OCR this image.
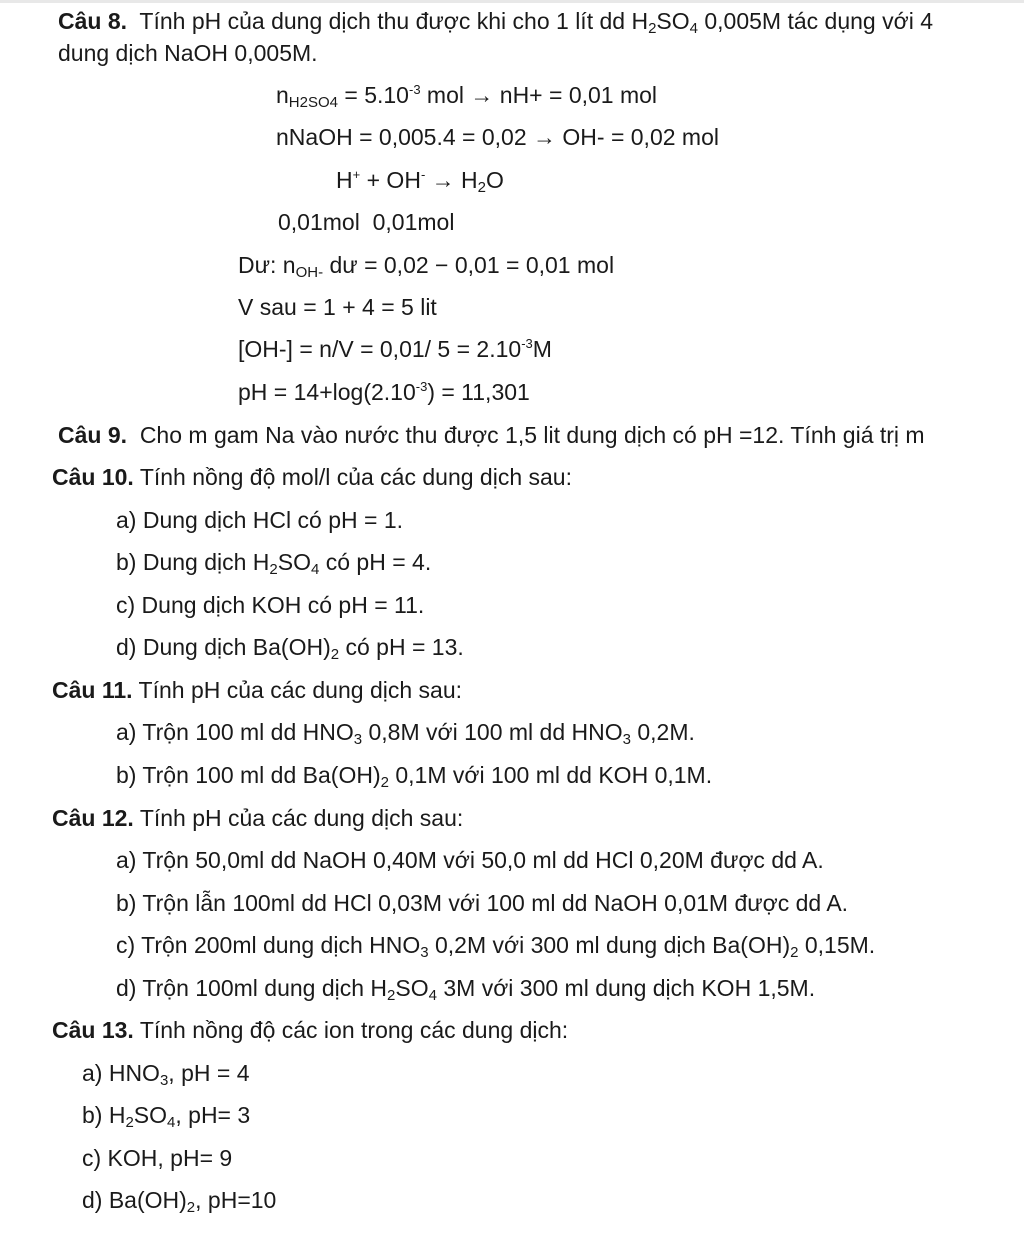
Câu 8. Tính pH của dung dịch thu được khi cho 1 lít dd $H_2SO_4$ 0,005M tác dụng với 4
dung dịch NaOH 0,005M.
$n_{H2SO4} = 5.10^{-3}$ mol → nH+ = 0,01 mol
nNaOH = 0,005.4 = 0,02 → OH- = 0,02 mol
$H^+ + OH^- \to H_2O$
0,01mol  0,01mol
Dư: $n_{OH-}$ dư = 0,02 − 0,01 = 0,01 mol
V sau = 1 + 4 = 5 lit
[OH-] = n/V = 0,01/ $5 = 2.10^{-3}M$
pH = $14+\log(2.10^{-3}) = 11,301$
Câu 9. Cho m gam Na vào nước thu được 1,5 lit dung dịch có pH =12. Tính giá trị m
Câu 10. Tính nồng độ mol/l của các dung dịch sau:
a) Dung dịch HCl có pH = 1.
b) Dung dịch $H_2SO_4$ có pH = 4.
c) Dung dịch KOH có pH = 11.
d) Dung dịch $Ba(OH)_2$ có pH = 13.
Câu 11. Tính pH của các dung dịch sau:
a) Trộn 100 ml dd $HNO_3$ 0,8M với 100 ml dd $HNO_3$ 0,2M.
b) Trộn 100 ml dd $Ba(OH)_2$ 0,1M với 100 ml dd KOH 0,1M.
Câu 12. Tính pH của các dung dịch sau:
a) Trộn 50,0ml dd NaOH 0,40M với 50,0 ml dd HCl 0,20M được dd A.
b) Trộn lẫn 100ml dd HCl 0,03M với 100 ml dd NaOH 0,01M được dd A.
c) Trộn 200ml dung dịch $HNO_3$ 0,2M với 300 ml dung dịch $Ba(OH)_2$ 0,15M.
d) Trộn 100ml dung dịch $H_2SO_4$ 3M với 300 ml dung dịch KOH 1,5M.
Câu 13. Tính nồng độ các ion trong các dung dịch:
a) $HNO_3$, pH = 4
b) $H_2SO_4$, pH= 3
c) KOH, pH= 9
d) $Ba(OH)_2$, pH=10
